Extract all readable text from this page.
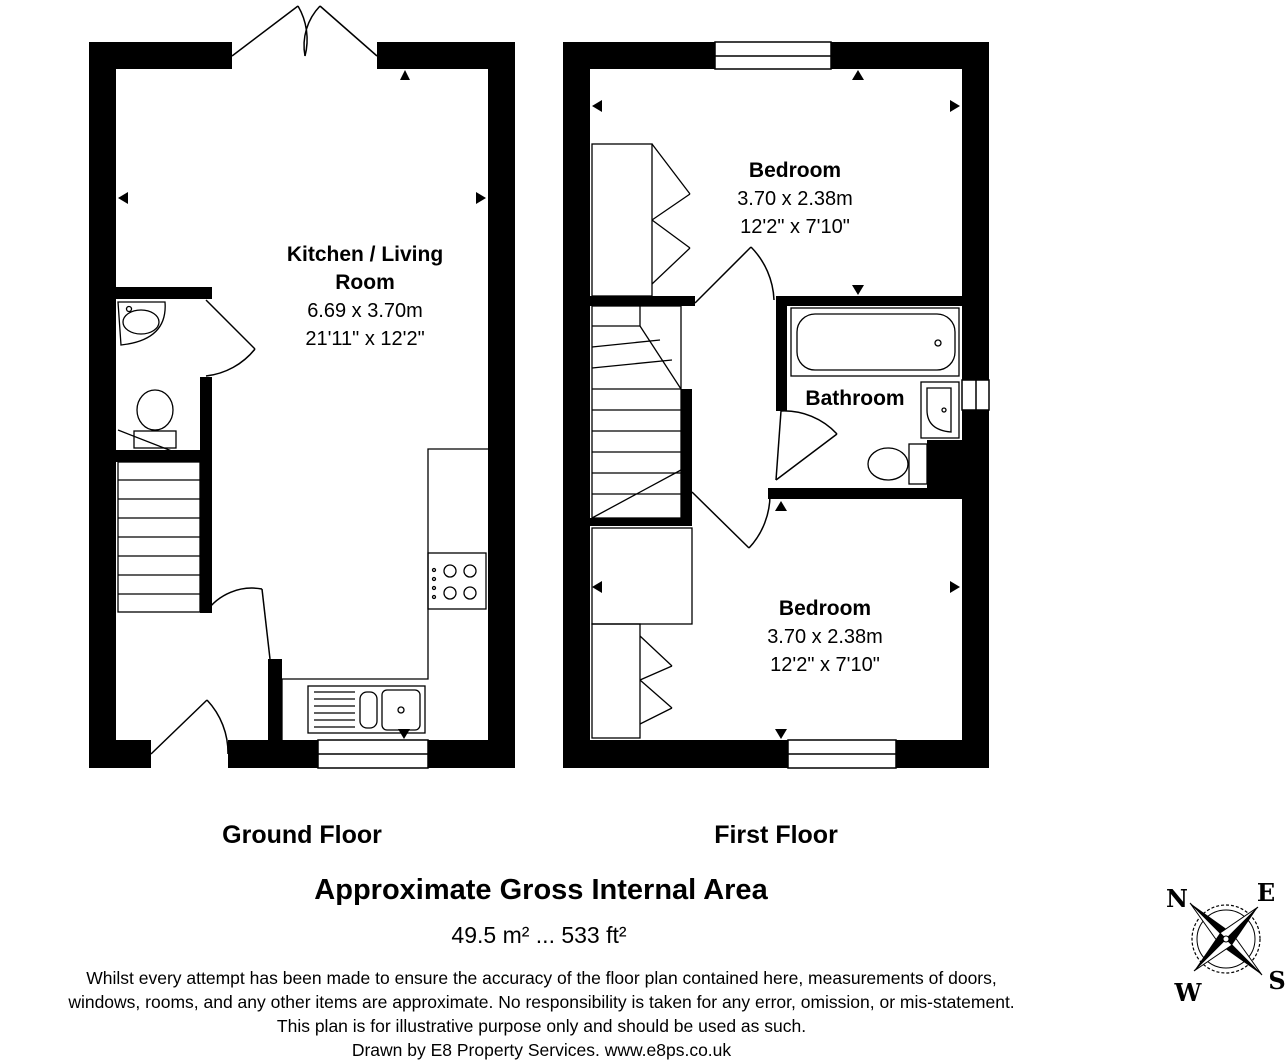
Kitchen / Living
Room
6.69 x 3.70m
21'11" x 12'2"
Bedroom
3.70 x 2.38m
12'2" x 7'10"
Bathroom
Bedroom
3.70 x 2.38m
12'2" x 7'10"
Ground Floor	First Floor
Approximate Gross Internal Area
49.5 m² ... 533 ft²
Whilst every attempt has been made to ensure the accuracy of the floor plan contained here, measurements of doors,
windows, rooms, and any other items are approximate. No responsibility is taken for any error, omission, or mis-statement.
This plan is for illustrative purpose only and should be used as such.
Drawn by E8 Property Services. www.e8ps.co.uk
N	E
S
W
